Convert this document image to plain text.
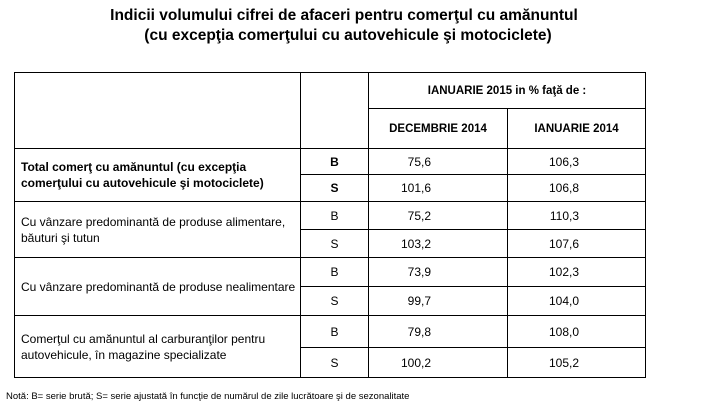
Indicii volumului cifrei de afaceri pentru comerţul cu amănuntul
(cu excepţia comerţului cu autovehicule şi motociclete)
		IANUARIE 2015 in % faţă de :	
		DECEMBRIE 2014	IANUARIE 2014
Total comerţ cu amănuntul (cu excepţia comerţului cu autovehicule şi motociclete)	B	75,6	106,3
	S	101,6	106,8
Cu vânzare predominantă de produse alimentare, băuturi şi tutun	B	75,2	110,3
	S	103,2	107,6
Cu vânzare predominantă de produse nealimentare	B	73,9	102,3
	S	99,7	104,0
Comerţul cu amănuntul al carburanţilor pentru autovehicule, în magazine specializate	B	79,8	108,0
	S	100,2	105,2
Notă: B= serie brută; S= serie ajustată în funcţie de numărul de zile lucrătoare şi de sezonalitate
